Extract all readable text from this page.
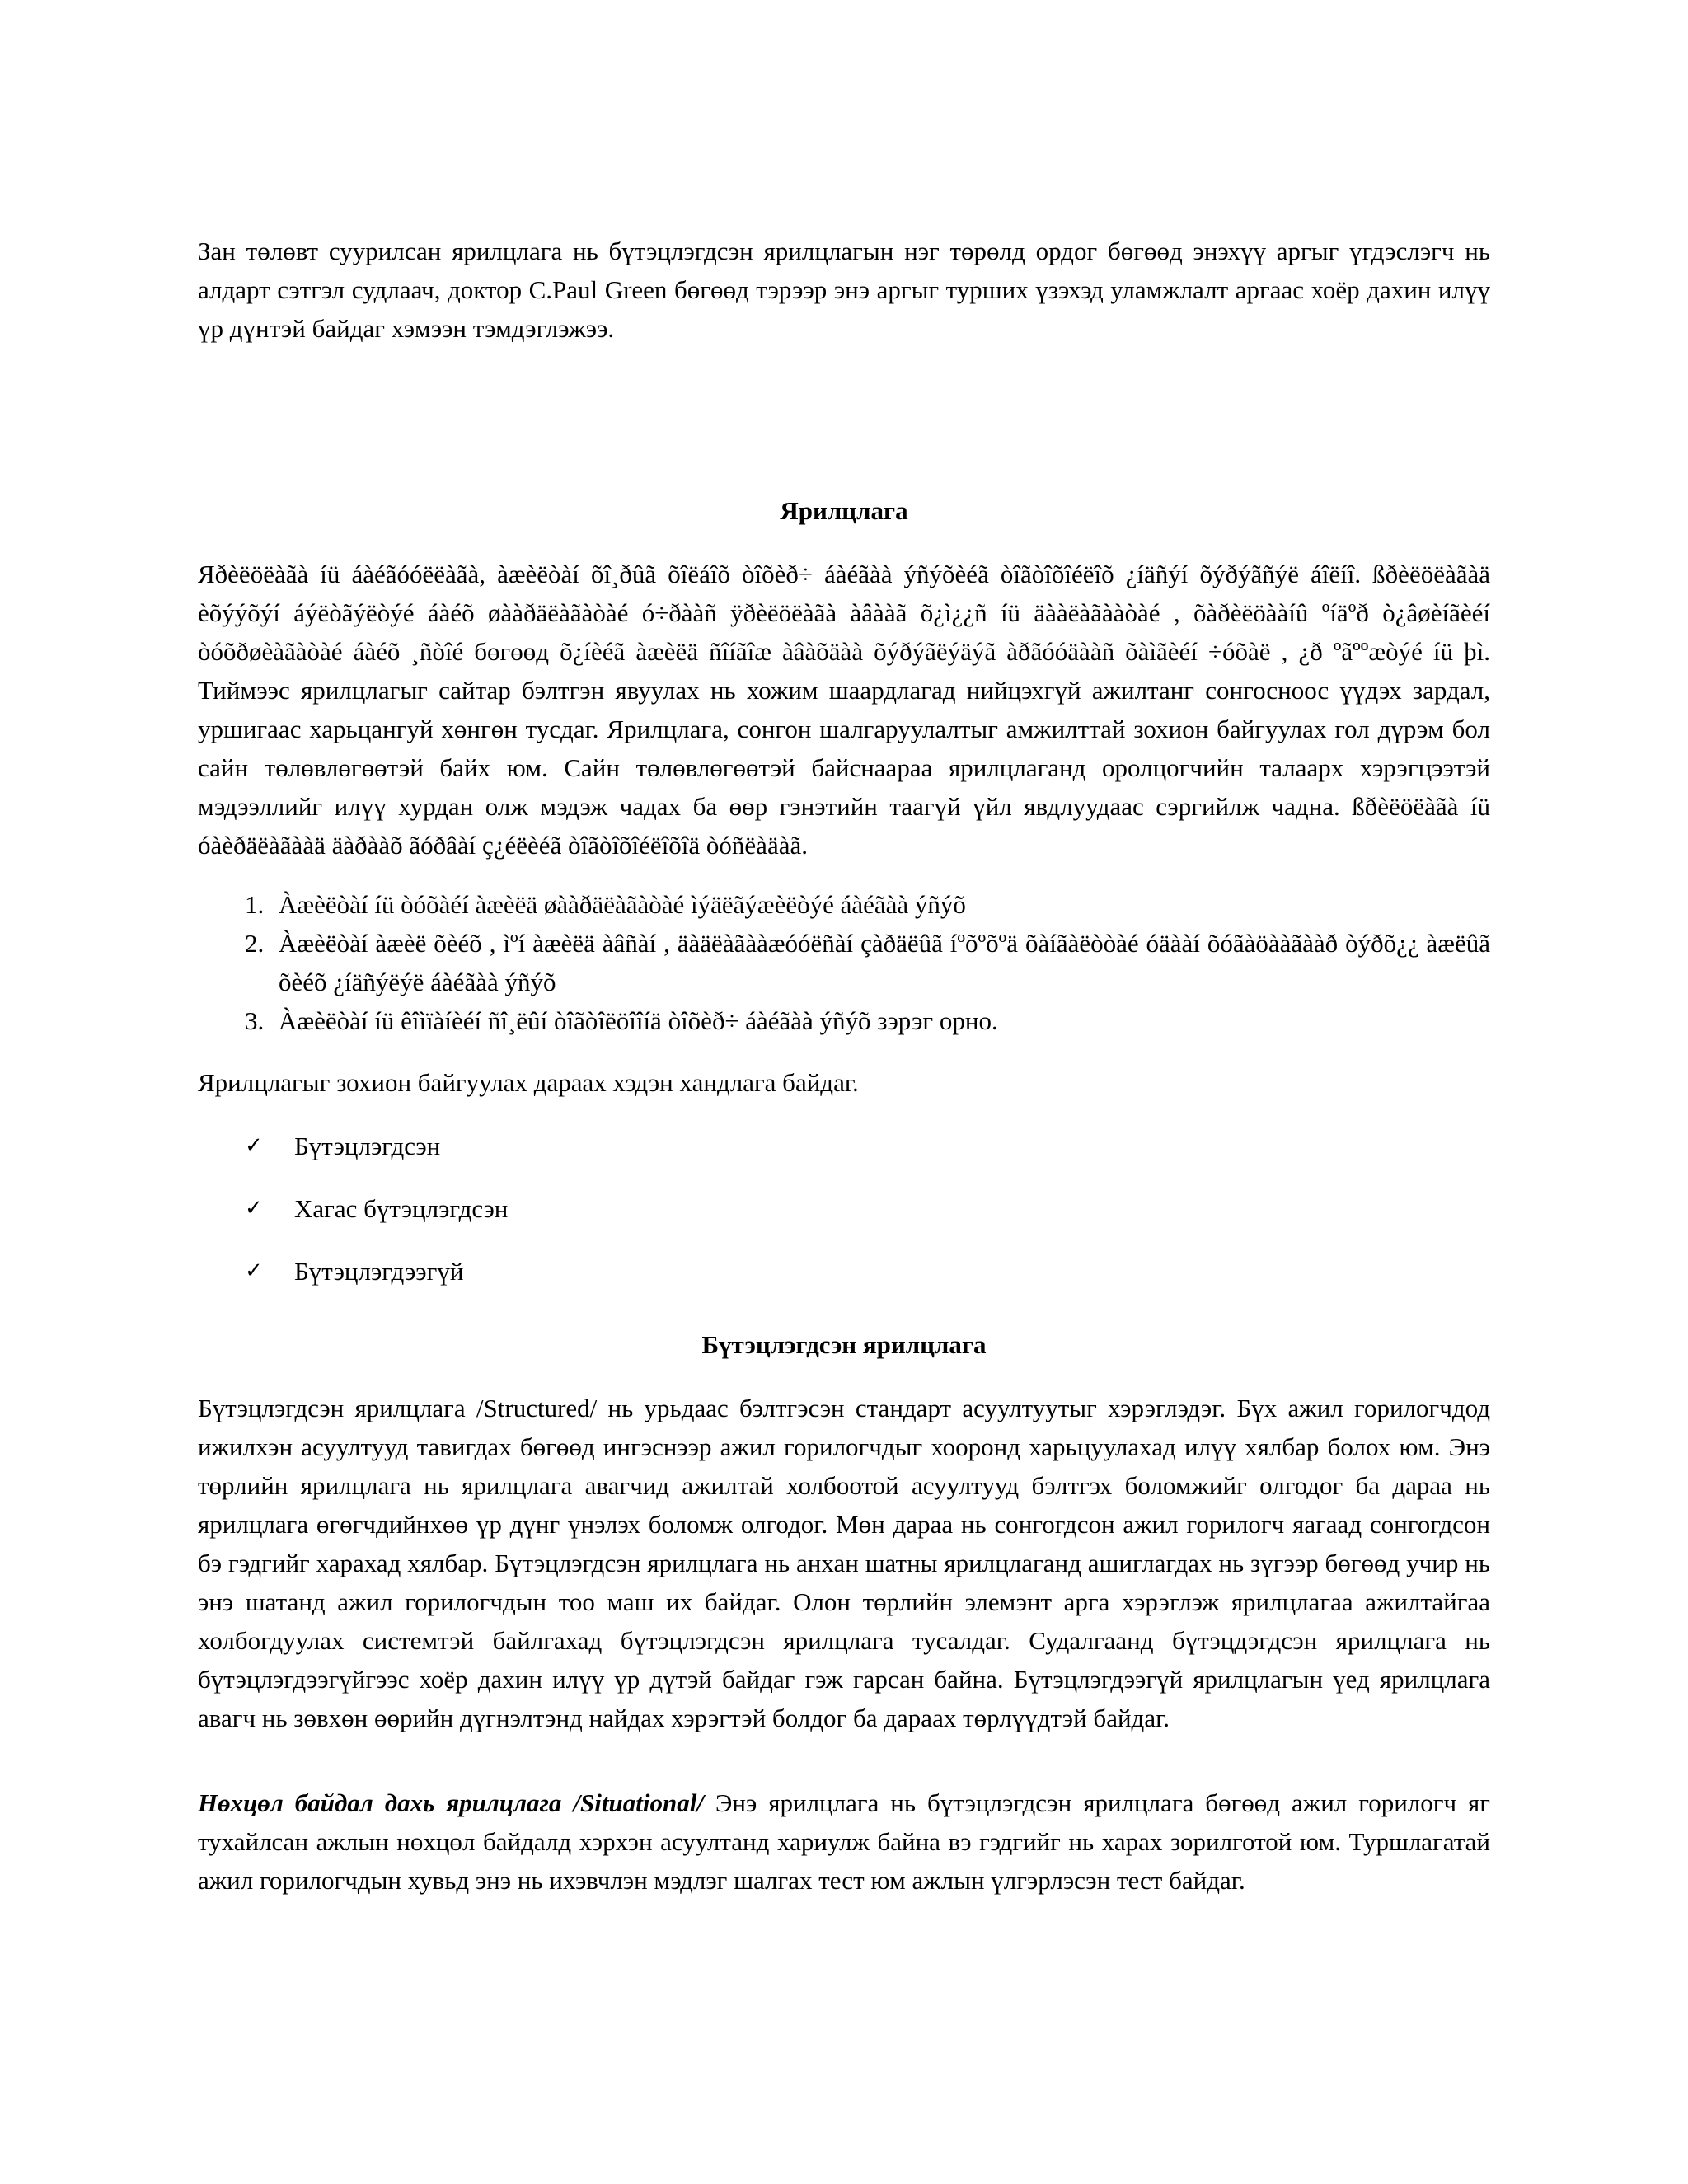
Зан төлөвт суурилсан ярилцлага нь бүтэцлэгдсэн ярилцлагын нэг төрөлд ордог бөгөөд энэхүү аргыг үгдэслэгч нь алдарт сэтгэл судлаач, доктор C.Paul Green бөгөөд тэрээр энэ аргыг турших үзэхэд уламжлалт аргаас хоёр дахин илүү үр дүнтэй байдаг хэмээн тэмдэглэжээ.

Ярилцлага

Яðèëöëàãà íü áàéãóóëëàãà, àæèëòàí õî¸ðûã õîëáîõ òîõèð÷ áàéãàà ýñýõèéã òîãòîõîéëîõ ¿íäñýí õýðýãñýë áîëíî. ßðèëöëàãàä èõýýõýí áýëòãýëòýé áàéõ øààðäëàãàòàé ó÷ðààñ ÿðèëöëàãà àâààã õ¿ì¿¿ñ íü äààëàãààòàé , õàðèëöààíû ºíäºð ò¿âøèíãèéí òóõðøèàãàòàé áàéõ ¸ñòîé бөгөөд õ¿íèéã àæèëä ñîíãîæ àâàõäàà õýðýãëýäýã àðãóóäààñ õàìãèéí ÷óõàë , ¿ð ºãººæòýé íü þì. Тиймээс ярилцлагыг сайтар бэлтгэн явуулах нь хожим шаардлагад нийцэхгүй ажилтанг сонгосноос үүдэх зардал, уршигаас харьцангуй хөнгөн тусдаг. Ярилцлага, сонгон шалгаруулалтыг амжилттай зохион байгуулах гол дүрэм бол сайн төлөвлөгөөтэй байх юм. Сайн төлөвлөгөөтэй байснаараа ярилцлаганд оролцогчийн талаарх хэрэгцээтэй мэдээллийг илүү хурдан олж мэдэж чадах ба өөр гэнэтийн таагүй үйл явдлуудаас сэргийлж чадна. ßðèëöëàãà íü óàèðäëàãààä äàðààõ ãóðâàí ç¿éëèéã òîãòîõîéëîõîä òóñëàäàã.

1. Àæèëòàí íü òóõàéí àæèëä øààðäëàãàòàé ìýäëãýæèëòýé áàéãàà ýñýõ
2. Àæèëòàí àæèë õèéõ , ìºí àæèëä àâñàí , äàäëàãààæóóëñàí çàðäëûã íºõºõºä õàíãàëòòàé óäààí õóãàöààãààð òýðõ¿¿ àæëûã õèéõ ¿íäñýëýë áàéãàà ýñýõ
3. Àæèëòàí íü êîìïàíèéí ñî¸ëûí òîãòîëöîîíä òîõèð÷ áàéãàà ýñýõ зэрэг орно.

Ярилцлагыг зохион байгуулах дараах хэдэн хандлага байдаг.

✓ Бүтэцлэгдсэн
✓ Хагас бүтэцлэгдсэн
✓ Бүтэцлэгдээгүй

Бүтэцлэгдсэн ярилцлага

Бүтэцлэгдсэн ярилцлага /Structured/ нь урьдаас бэлтгэсэн стандарт асуултуутыг хэрэглэдэг. Бүх ажил горилогчдод ижилхэн асуултууд тавигдах бөгөөд ингэснээр ажил горилогчдыг хооронд харьцуулахад илүү хялбар болох юм. Энэ төрлийн ярилцлага нь ярилцлага авагчид ажилтай холбоотой асуултууд бэлтгэх боломжийг олгодог ба дараа нь ярилцлага өгөгчдийнхөө үр дүнг үнэлэх боломж олгодог. Мөн дараа нь сонгогдсон ажил горилогч яагаад сонгогдсон бэ гэдгийг харахад хялбар. Бүтэцлэгдсэн ярилцлага нь анхан шатны ярилцлаганд ашиглагдах нь зүгээр бөгөөд учир нь энэ шатанд ажил горилогчдын тоо маш их байдаг. Олон төрлийн элемэнт арга хэрэглэж ярилцлагаа ажилтайгаа холбогдуулах системтэй байлгахад бүтэцлэгдсэн ярилцлага тусалдаг. Судалгаанд бүтэцдэгдсэн ярилцлага нь бүтэцлэгдээгүйгээс хоёр дахин илүү үр дүтэй байдаг гэж гарсан байна. Бүтэцлэгдээгүй ярилцлагын үед ярилцлага авагч нь зөвхөн өөрийн дүгнэлтэнд найдах хэрэгтэй болдог ба дараах төрлүүдтэй байдаг.

Нөхцөл байдал дахь ярилцлага /Situational/ Энэ ярилцлага нь бүтэцлэгдсэн ярилцлага бөгөөд ажил горилогч яг тухайлсан ажлын нөхцөл байдалд хэрхэн асуултанд хариулж байна вэ гэдгийг нь харах зорилготой юм. Туршлагатай ажил горилогчдын хувьд энэ нь ихэвчлэн мэдлэг шалгах тест юм ажлын үлгэрлэсэн тест байдаг.
